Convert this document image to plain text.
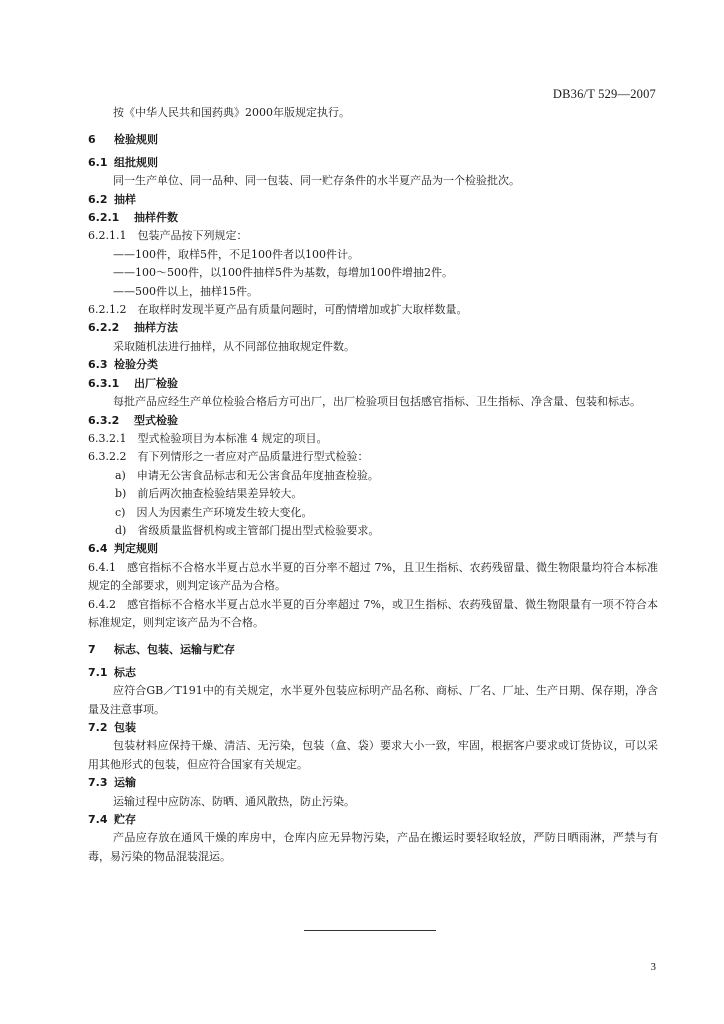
DB36/T 529—2007
按《中华人民共和国药典》2000年版规定执行。
6 检验规则
6.1 组批规则
同一生产单位、同一品种、同一包装、同一贮存条件的水半夏产品为一个检验批次。
6.2 抽样
6.2.1 抽样件数
6.2.1.1　包装产品按下列规定：
——100件，取样5件，不足100件者以100件计。
——100～500件，以100件抽样5件为基数，每增加100件增抽2件。
——500件以上，抽样15件。
6.2.1.2　在取样时发现半夏产品有质量问题时，可酌情增加或扩大取样数量。
6.2.2 抽样方法
采取随机法进行抽样，从不同部位抽取规定件数。
6.3 检验分类
6.3.1 出厂检验
每批产品应经生产单位检验合格后方可出厂，出厂检验项目包括感官指标、卫生指标、净含量、包装和标志。
6.3.2 型式检验
6.3.2.1　型式检验项目为本标准 4 规定的项目。
6.3.2.2　有下列情形之一者应对产品质量进行型式检验：
a)　申请无公害食品标志和无公害食品年度抽查检验。
b)　前后两次抽查检验结果差异较大。
c)　因人为因素生产环境发生较大变化。
d)　省级质量监督机构或主管部门提出型式检验要求。
6.4 判定规则
6.4.1　感官指标不合格水半夏占总水半夏的百分率不超过 7%，且卫生指标、农药残留量、微生物限量均符合本标准规定的全部要求，则判定该产品为合格。
6.4.2　感官指标不合格水半夏占总水半夏的百分率超过 7%，或卫生指标、农药残留量、微生物限量有一项不符合本标准规定，则判定该产品为不合格。
7 标志、包装、运输与贮存
7.1 标志
应符合GB／T191中的有关规定，水半夏外包装应标明产品名称、商标、厂名、厂址、生产日期、保存期，净含量及注意事项。
7.2 包装
包装材料应保持干燥、清洁、无污染，包装（盒、袋）要求大小一致，牢固，根据客户要求或订货协议，可以采用其他形式的包装，但应符合国家有关规定。
7.3 运输
运输过程中应防冻、防晒、通风散热，防止污染。
7.4 贮存
产品应存放在通风干燥的库房中，仓库内应无异物污染，产品在搬运时要轻取轻放，严防日晒雨淋，严禁与有毒，易污染的物品混装混运。
3
